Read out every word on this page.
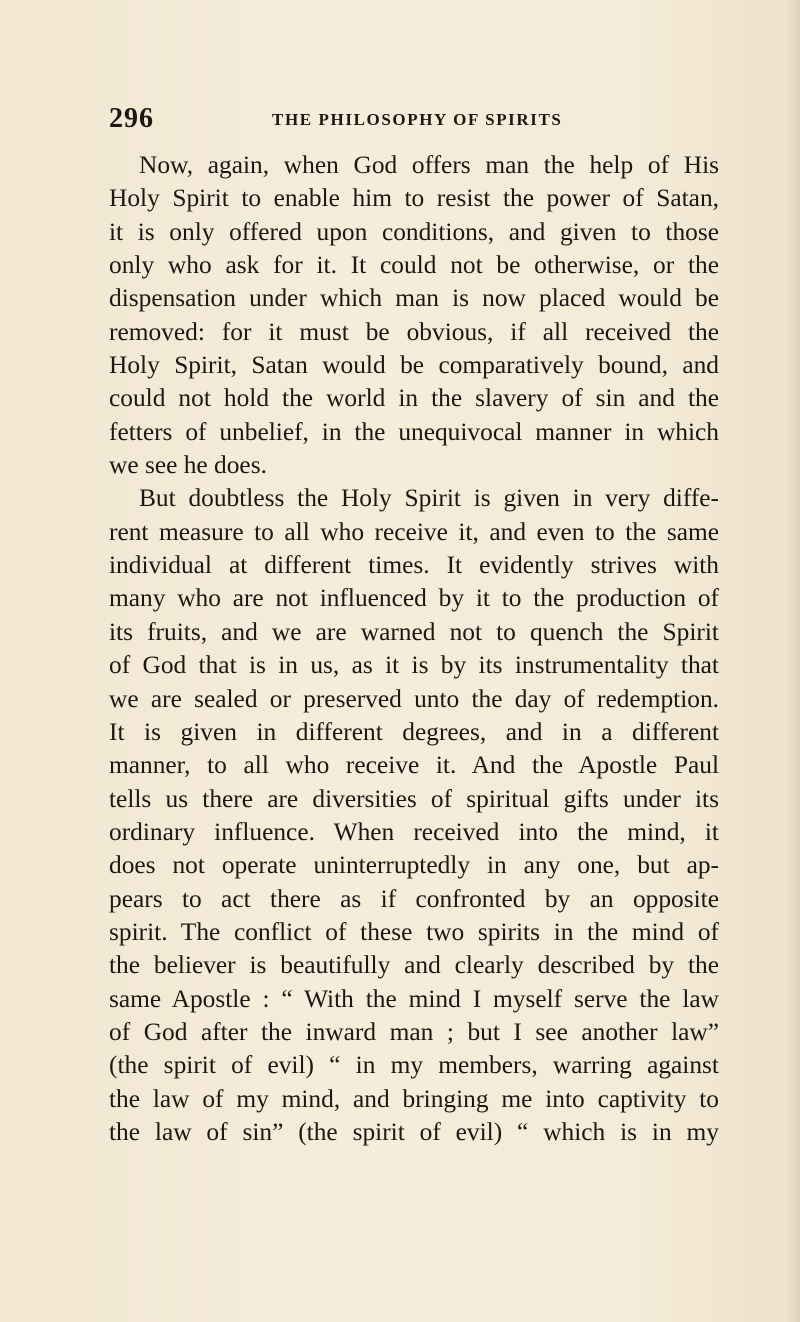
296	THE PHILOSOPHY OF SPIRITS
Now, again, when God offers man the help of His
Holy Spirit to enable him to resist the power of Satan,
it is only offered upon conditions, and given to those
only who ask for it. It could not be otherwise, or the
dispensation under which man is now placed would be
removed: for it must be obvious, if all received the
Holy Spirit, Satan would be comparatively bound, and
could not hold the world in the slavery of sin and the
fetters of unbelief, in the unequivocal manner in which
we see he does.
But doubtless the Holy Spirit is given in very diffe-
rent measure to all who receive it, and even to the same
individual at different times. It evidently strives with
many who are not influenced by it to the production of
its fruits, and we are warned not to quench the Spirit
of God that is in us, as it is by its instrumentality that
we are sealed or preserved unto the day of redemption.
It is given in different degrees, and in a different
manner, to all who receive it. And the Apostle Paul
tells us there are diversities of spiritual gifts under its
ordinary influence. When received into the mind, it
does not operate uninterruptedly in any one, but ap-
pears to act there as if confronted by an opposite
spirit. The conflict of these two spirits in the mind of
the believer is beautifully and clearly described by the
same Apostle : “ With the mind I myself serve the law
of God after the inward man ; but I see another law”
(the spirit of evil) “ in my members, warring against
the law of my mind, and bringing me into captivity to
the law of sin” (the spirit of evil) “ which is in my
